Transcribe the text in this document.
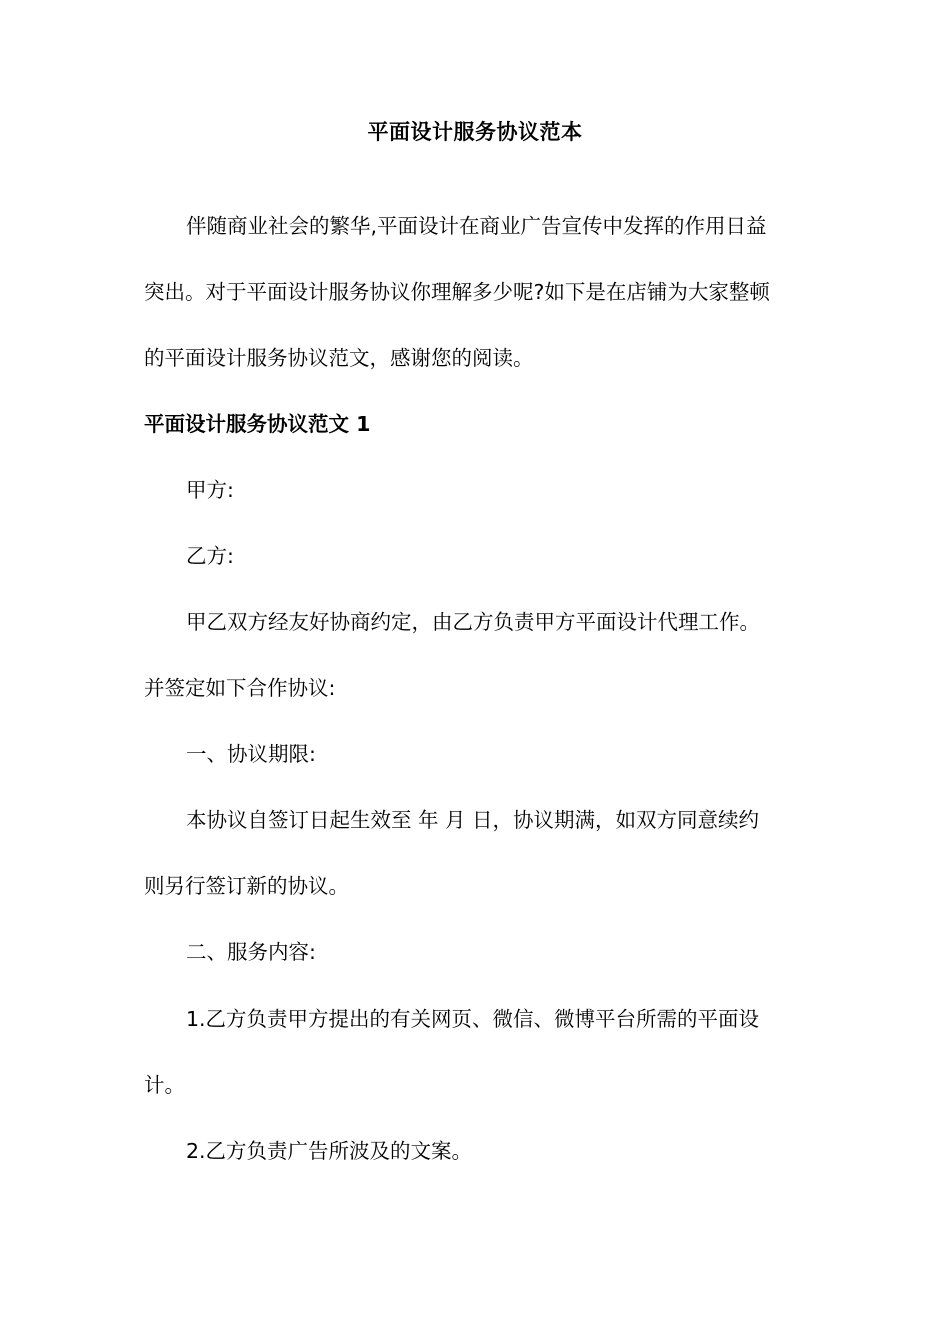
平面设计服务协议范本
伴随商业社会的繁华,平面设计在商业广告宣传中发挥的作用日益
突出。对于平面设计服务协议你理解多少呢?如下是在店铺为大家整顿
的平面设计服务协议范文，感谢您的阅读。
平面设计服务协议范文 1
甲方:
乙方:
甲乙双方经友好协商约定，由乙方负责甲方平面设计代理工作。
并签定如下合作协议:
一、协议期限:
本协议自签订日起生效至 年 月 日，协议期满，如双方同意续约
则另行签订新的协议。
二、服务内容:
1.乙方负责甲方提出的有关网页、微信、微博平台所需的平面设
计。
2.乙方负责广告所波及的文案。
